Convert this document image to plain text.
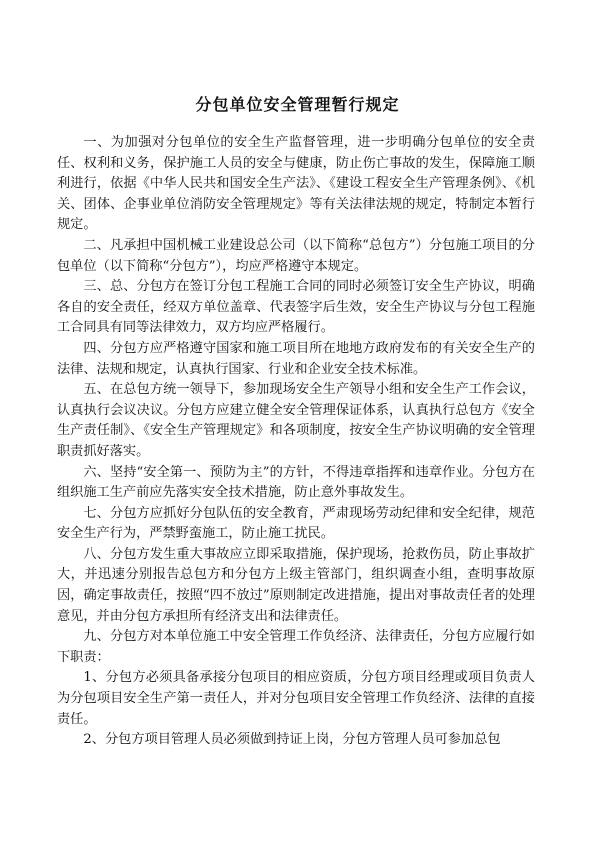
分包单位安全管理暂行规定

一、为加强对分包单位的安全生产监督管理，进一步明确分包单位的安全责任、权利和义务，保护施工人员的安全与健康，防止伤亡事故的发生，保障施工顺利进行，依据《中华人民共和国安全生产法》、《建设工程安全生产管理条例》、《机关、团体、企事业单位消防安全管理规定》等有关法律法规的规定，特制定本暂行规定。

二、凡承担中国机械工业建设总公司（以下简称“总包方”）分包施工项目的分包单位（以下简称“分包方”），均应严格遵守本规定。

三、总、分包方在签订分包工程施工合同的同时必须签订安全生产协议，明确各自的安全责任，经双方单位盖章、代表签字后生效，安全生产协议与分包工程施工合同具有同等法律效力，双方均应严格履行。

四、分包方应严格遵守国家和施工项目所在地地方政府发布的有关安全生产的法律、法规和规定，认真执行国家、行业和企业安全技术标准。

五、在总包方统一领导下，参加现场安全生产领导小组和安全生产工作会议，认真执行会议决议。分包方应建立健全安全管理保证体系，认真执行总包方《安全生产责任制》、《安全生产管理规定》和各项制度，按安全生产协议明确的安全管理职责抓好落实。

六、坚持“安全第一、预防为主”的方针，不得违章指挥和违章作业。分包方在组织施工生产前应先落实安全技术措施，防止意外事故发生。

七、分包方应抓好分包队伍的安全教育，严肃现场劳动纪律和安全纪律，规范安全生产行为，严禁野蛮施工，防止施工扰民。

八、分包方发生重大事故应立即采取措施，保护现场，抢救伤员，防止事故扩大，并迅速分别报告总包方和分包方上级主管部门，组织调查小组，查明事故原因，确定事故责任，按照“四不放过”原则制定改进措施，提出对事故责任者的处理意见，并由分包方承担所有经济支出和法律责任。

九、分包方对本单位施工中安全管理工作负经济、法律责任，分包方应履行如下职责：

1、分包方必须具备承接分包项目的相应资质，分包方项目经理或项目负责人为分包项目安全生产第一责任人，并对分包项目安全管理工作负经济、法律的直接责任。

2、分包方项目管理人员必须做到持证上岗，分包方管理人员可参加总包
